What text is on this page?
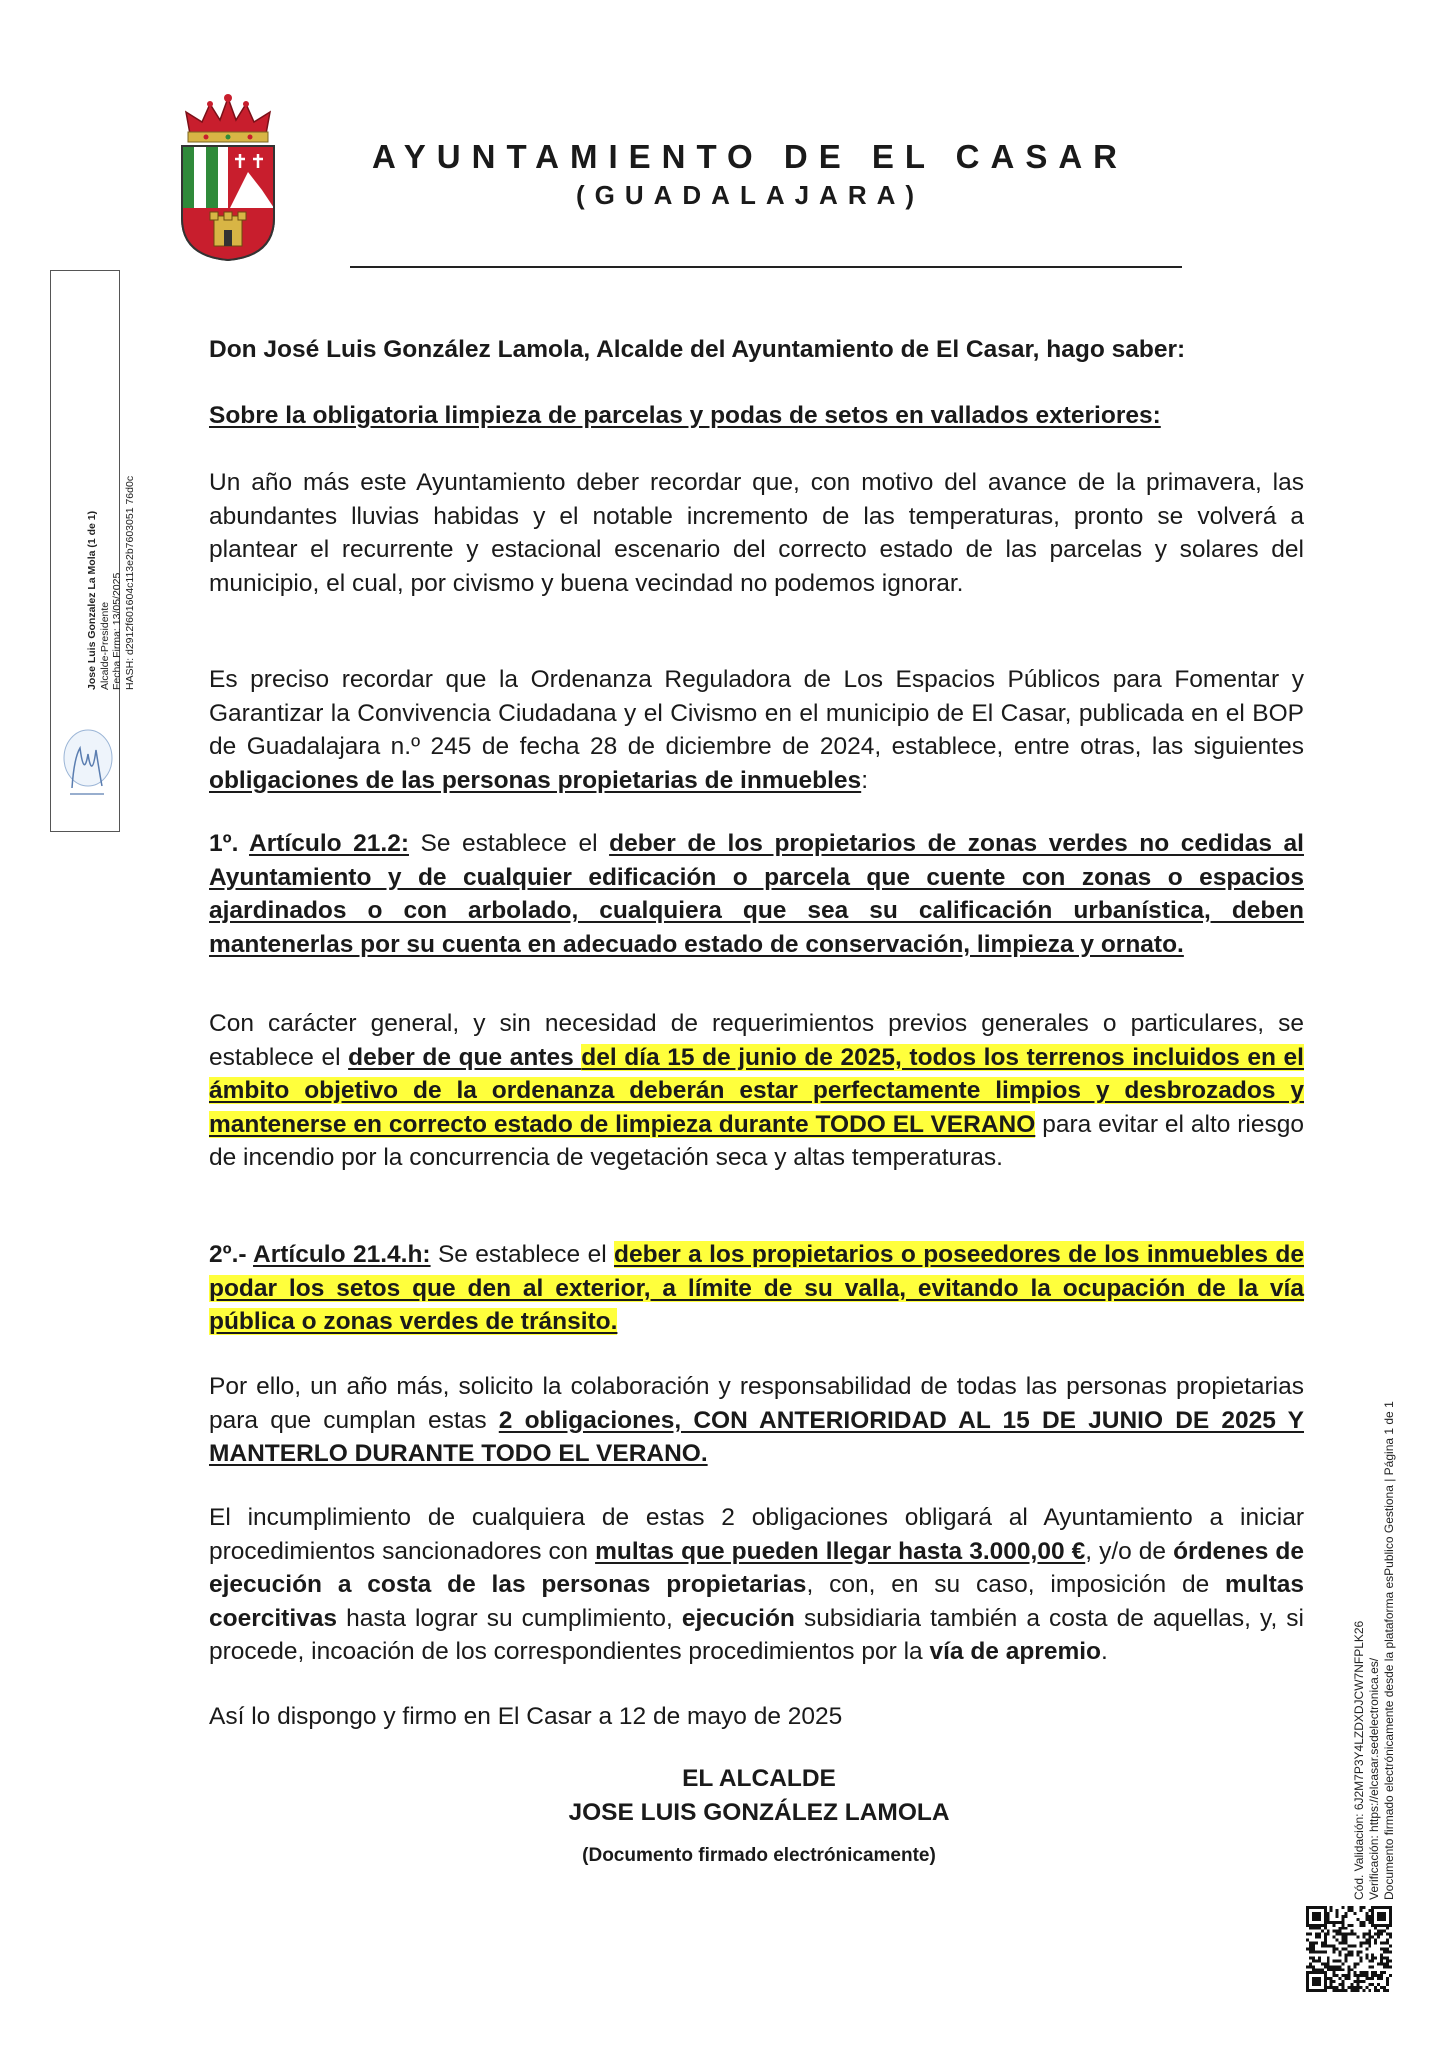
AYUNTAMIENTO DE EL CASAR
(GUADALAJARA)
Jose Luis Gonzalez La Mola (1 de 1) Alcalde-Presidente Fecha Firma: 13/05/2025 HASH: d2912f601604c113e2b7603051 76d0c
Cód. Validación: 6J2M7P3Y4LZDXDJCW7NFPLK26 Verificación: https://elcasar.sedelectronica.es/ Documento firmado electrónicamente desde la plataforma esPublico Gestiona | Página 1 de 1

Don José Luis González Lamola, Alcalde del Ayuntamiento de El Casar, hago saber:

Sobre la obligatoria limpieza de parcelas y podas de setos en vallados exteriores:

Un año más este Ayuntamiento deber recordar que, con motivo del avance de la primavera, las abundantes lluvias habidas y el notable incremento de las temperaturas, pronto se volverá a plantear el recurrente y estacional escenario del correcto estado de las parcelas y solares del municipio, el cual, por civismo y buena vecindad no podemos ignorar.

Es preciso recordar que la Ordenanza Reguladora de Los Espacios Públicos para Fomentar y Garantizar la Convivencia Ciudadana y el Civismo en el municipio de El Casar, publicada en el BOP de Guadalajara n.º 245 de fecha 28 de diciembre de 2024, establece, entre otras, las siguientes obligaciones de las personas propietarias de inmuebles:

1º. Artículo 21.2: Se establece el deber de los propietarios de zonas verdes no cedidas al Ayuntamiento y de cualquier edificación o parcela que cuente con zonas o espacios ajardinados o con arbolado, cualquiera que sea su calificación urbanística, deben mantenerlas por su cuenta en adecuado estado de conservación, limpieza y ornato.

Con carácter general, y sin necesidad de requerimientos previos generales o particulares, se establece el deber de que antes del día 15 de junio de 2025, todos los terrenos incluidos en el ámbito objetivo de la ordenanza deberán estar perfectamente limpios y desbrozados y mantenerse en correcto estado de limpieza durante TODO EL VERANO para evitar el alto riesgo de incendio por la concurrencia de vegetación seca y altas temperaturas.

2º.- Artículo 21.4.h: Se establece el deber a los propietarios o poseedores de los inmuebles de podar los setos que den al exterior, a límite de su valla, evitando la ocupación de la vía pública o zonas verdes de tránsito.

Por ello, un año más, solicito la colaboración y responsabilidad de todas las personas propietarias para que cumplan estas 2 obligaciones, CON ANTERIORIDAD AL 15 DE JUNIO DE 2025 Y MANTERLO DURANTE TODO EL VERANO.

El incumplimiento de cualquiera de estas 2 obligaciones obligará al Ayuntamiento a iniciar procedimientos sancionadores con multas que pueden llegar hasta 3.000,00 €, y/o de órdenes de ejecución a costa de las personas propietarias, con, en su caso, imposición de multas coercitivas hasta lograr su cumplimiento, ejecución subsidiaria también a costa de aquellas, y, si procede, incoación de los correspondientes procedimientos por la vía de apremio.

Así lo dispongo y firmo en El Casar a 12 de mayo de 2025

EL ALCALDE

JOSE LUIS GONZÁLEZ LAMOLA

(Documento firmado electrónicamente)
